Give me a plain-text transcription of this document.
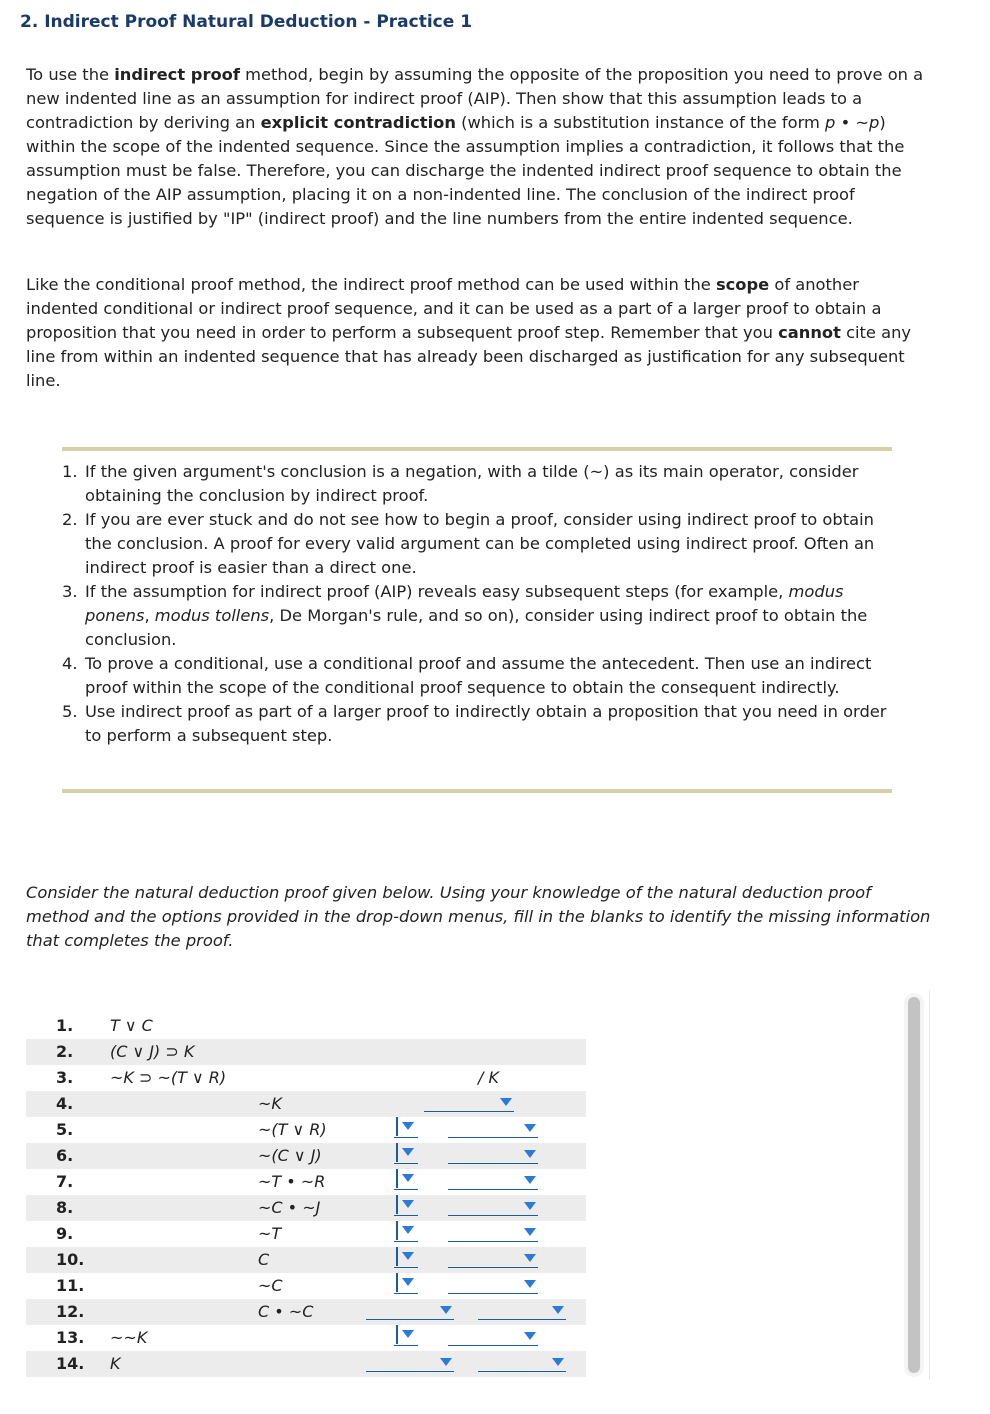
2. Indirect Proof Natural Deduction - Practice 1

To use the indirect proof method, begin by assuming the opposite of the proposition you need to prove on a new indented line as an assumption for indirect proof (AIP). Then show that this assumption leads to a contradiction by deriving an explicit contradiction (which is a substitution instance of the form p • ~p) within the scope of the indented sequence. Since the assumption implies a contradiction, it follows that the assumption must be false. Therefore, you can discharge the indented indirect proof sequence to obtain the negation of the AIP assumption, placing it on a non-indented line. The conclusion of the indirect proof sequence is justified by "IP" (indirect proof) and the line numbers from the entire indented sequence.

Like the conditional proof method, the indirect proof method can be used within the scope of another indented conditional or indirect proof sequence, and it can be used as a part of a larger proof to obtain a proposition that you need in order to perform a subsequent proof step. Remember that you cannot cite any line from within an indented sequence that has already been discharged as justification for any subsequent line.

1. If the given argument's conclusion is a negation, with a tilde (~) as its main operator, consider obtaining the conclusion by indirect proof.
2. If you are ever stuck and do not see how to begin a proof, consider using indirect proof to obtain the conclusion. A proof for every valid argument can be completed using indirect proof. Often an indirect proof is easier than a direct one.
3. If the assumption for indirect proof (AIP) reveals easy subsequent steps (for example, modus ponens, modus tollens, De Morgan's rule, and so on), consider using indirect proof to obtain the conclusion.
4. To prove a conditional, use a conditional proof and assume the antecedent. Then use an indirect proof within the scope of the conditional proof sequence to obtain the consequent indirectly.
5. Use indirect proof as part of a larger proof to indirectly obtain a proposition that you need in order to perform a subsequent step.

Consider the natural deduction proof given below. Using your knowledge of the natural deduction proof method and the options provided in the drop-down menus, fill in the blanks to identify the missing information that completes the proof.

1. T ∨ C
2. (C ∨ J) ⊃ K
3. ~K ⊃ ~(T ∨ R)	/ K
4.	~K
5.	~(T ∨ R)
6.	~(C ∨ J)
7.	~T • ~R
8.	~C • ~J
9.	~T
10.	C
11.	~C
12.	C • ~C
13. ~~K
14. K
